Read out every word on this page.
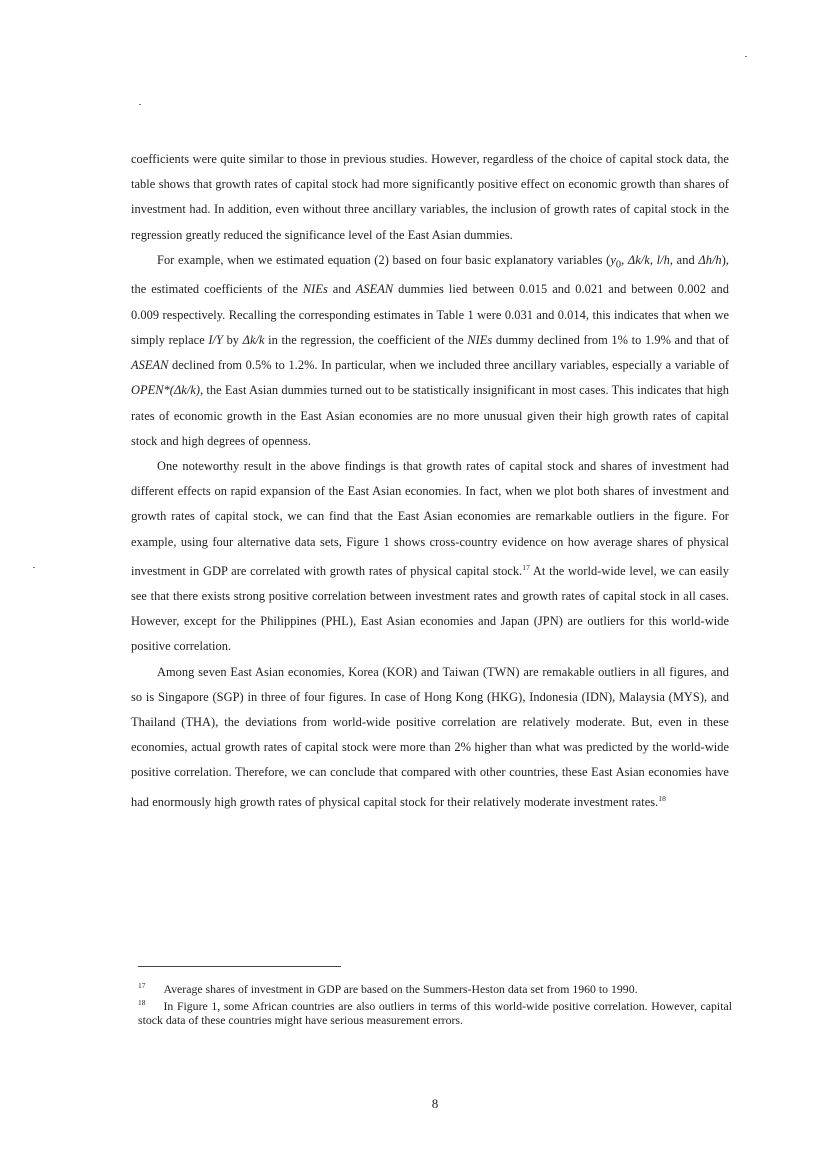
coefficients were quite similar to those in previous studies. However, regardless of the choice of capital stock data, the table shows that growth rates of capital stock had more significantly positive effect on economic growth than shares of investment had. In addition, even without three ancillary variables, the inclusion of growth rates of capital stock in the regression greatly reduced the significance level of the East Asian dummies.

For example, when we estimated equation (2) based on four basic explanatory variables ($y_0$, Δk/k, l/h, and Δh/h), the estimated coefficients of the NIEs and ASEAN dummies lied between 0.015 and 0.021 and between 0.002 and 0.009 respectively. Recalling the corresponding estimates in Table 1 were 0.031 and 0.014, this indicates that when we simply replace I/Y by Δk/k in the regression, the coefficient of the NIEs dummy declined from 1% to 1.9% and that of ASEAN declined from 0.5% to 1.2%. In particular, when we included three ancillary variables, especially a variable of OPEN*(Δk/k), the East Asian dummies turned out to be statistically insignificant in most cases. This indicates that high rates of economic growth in the East Asian economies are no more unusual given their high growth rates of capital stock and high degrees of openness.

One noteworthy result in the above findings is that growth rates of capital stock and shares of investment had different effects on rapid expansion of the East Asian economies. In fact, when we plot both shares of investment and growth rates of capital stock, we can find that the East Asian economies are remarkable outliers in the figure. For example, using four alternative data sets, Figure 1 shows cross-country evidence on how average shares of physical investment in GDP are correlated with growth rates of physical capital stock.$^{17}$ At the world-wide level, we can easily see that there exists strong positive correlation between investment rates and growth rates of capital stock in all cases. However, except for the Philippines (PHL), East Asian economies and Japan (JPN) are outliers for this world-wide positive correlation.

Among seven East Asian economies, Korea (KOR) and Taiwan (TWN) are remakable outliers in all figures, and so is Singapore (SGP) in three of four figures. In case of Hong Kong (HKG), Indonesia (IDN), Malaysia (MYS), and Thailand (THA), the deviations from world-wide positive correlation are relatively moderate. But, even in these economies, actual growth rates of capital stock were more than 2% higher than what was predicted by the world-wide positive correlation. Therefore, we can conclude that compared with other countries, these East Asian economies have had enormously high growth rates of physical capital stock for their relatively moderate investment rates.$^{18}$

$^{17}$ Average shares of investment in GDP are based on the Summers-Heston data set from 1960 to 1990.

$^{18}$ In Figure 1, some African countries are also outliers in terms of this world-wide positive correlation. However, capital stock data of these countries might have serious measurement errors.

8
